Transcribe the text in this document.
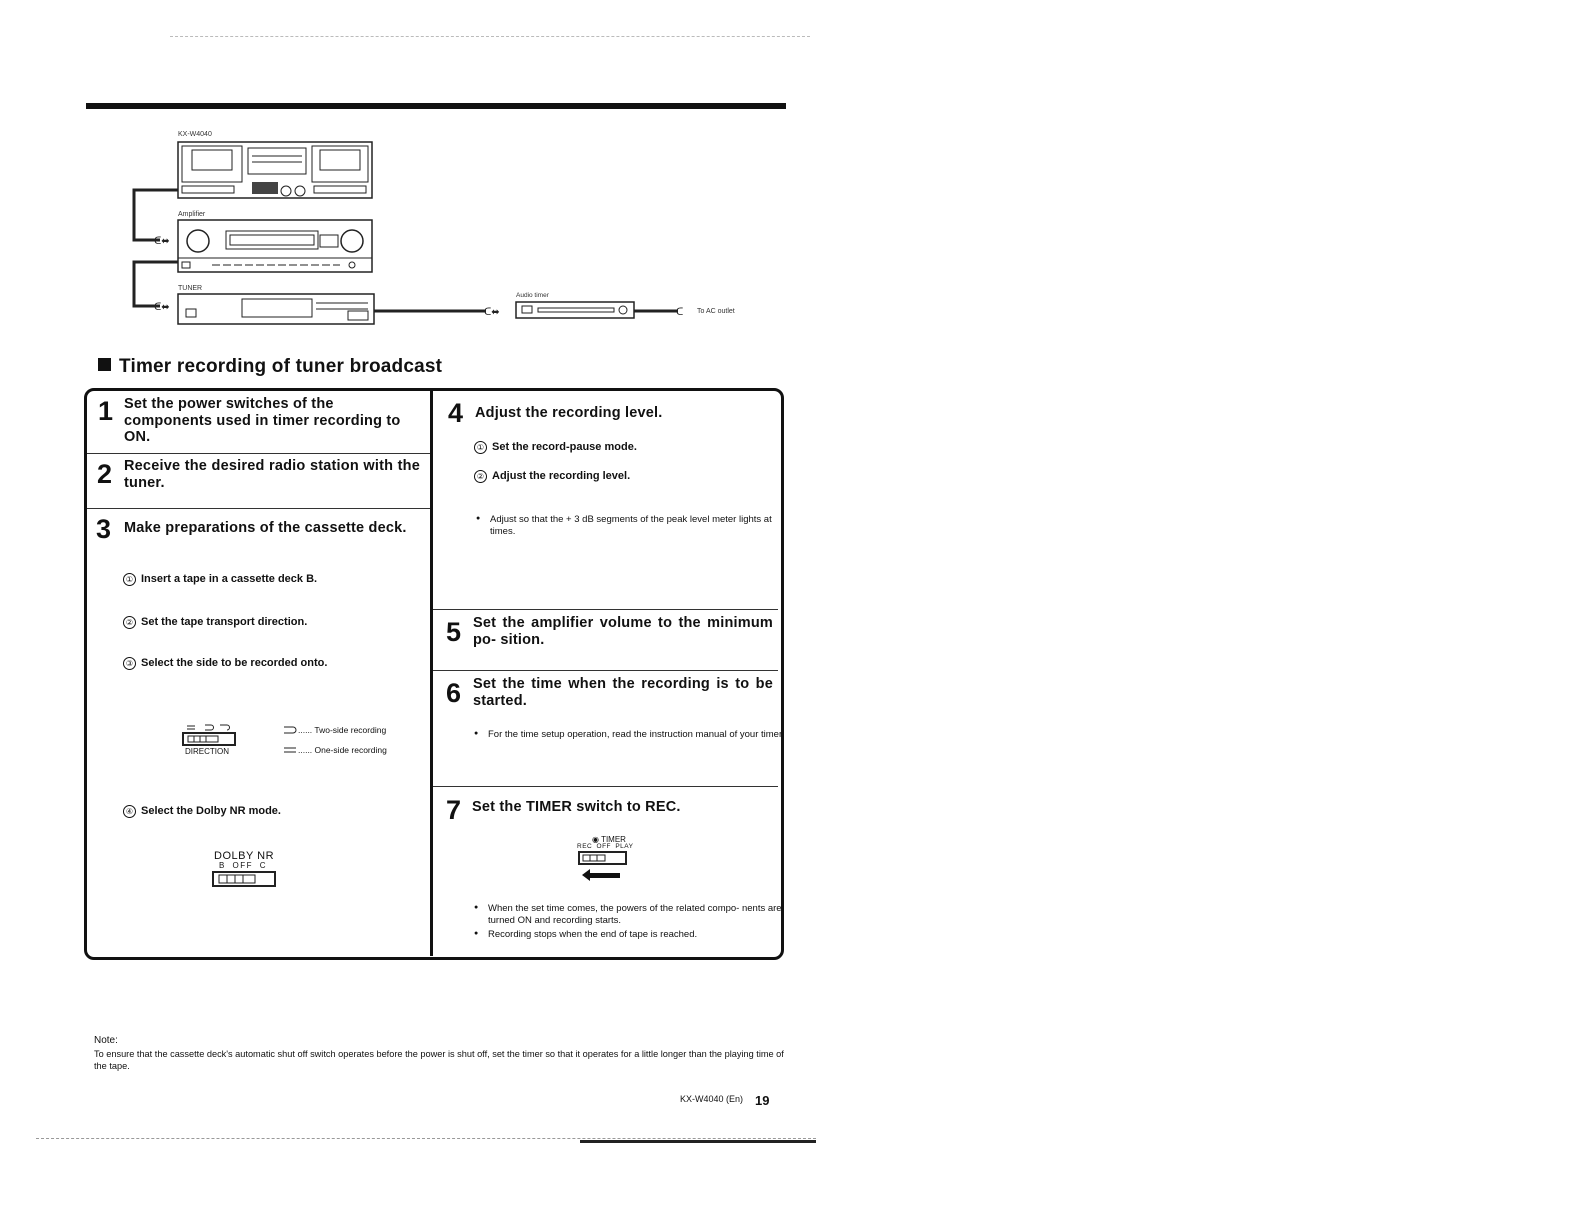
KX-W4040
Amplifier
TUNER
ᑕ⬌
ᑕ⬌	ᑕ⬌
Audio timer
ᑕ To AC outlet
Timer recording of tuner broadcast
1 Set the power switches of the components used in timer recording to ON.
2 Receive the desired radio station with the tuner.
3 Make preparations of the cassette deck.
① Insert a tape in a cassette deck B.
② Set the tape transport direction.
③ Select the side to be recorded onto.
DIRECTION
...... Two-side recording
...... One-side recording
④ Select the Dolby NR mode.
DOLBY NR
B OFF C
4 Adjust the recording level.
① Set the record-pause mode.
② Adjust the recording level.
● Adjust so that the + 3 dB segments of the peak level meter lights at times.
5 Set the amplifier volume to the minimum po- sition.
6 Set the time when the recording is to be started.
● For the time setup operation, read the instruction manual of your timer.
7 Set the TIMER switch to REC.
◉ TIMER
REC OFF PLAY
● When the set time comes, the powers of the related compo- nents are turned ON and recording starts.
● Recording stops when the end of tape is reached.
Note:
To ensure that the cassette deck's automatic shut off switch operates before the power is shut off, set the timer so that it operates for a little longer than the playing time of the tape.
KX-W4040 (En) 19
